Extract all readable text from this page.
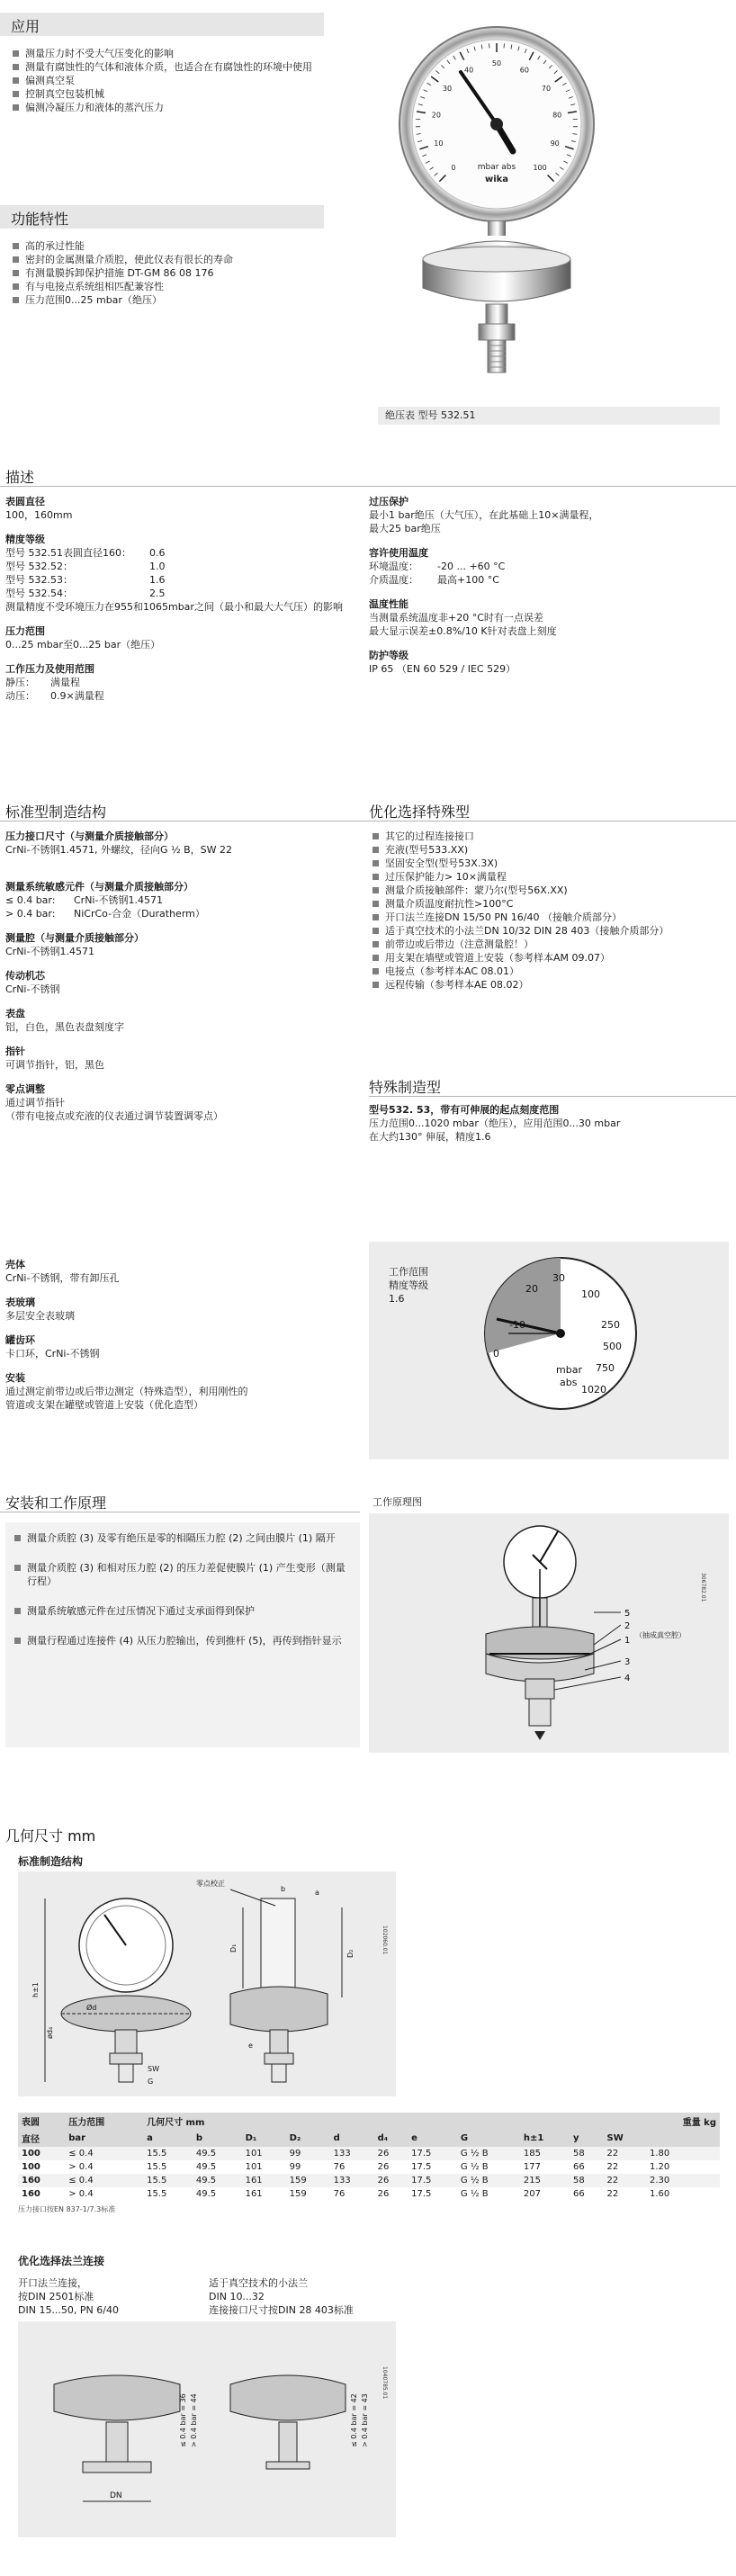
应用
测量压力时不受大气压变化的影响
测量有腐蚀性的气体和液体介质，也适合在有腐蚀性的环境中使用
偏测真空泵
控制真空包装机械
偏测冷凝压力和液体的蒸汽压力
功能特性
高的承过性能
密封的金属测量介质腔，使此仪表有很长的寿命
有测量膜拆卸保护措施 DT-GM 86 08 176
有与电接点系统组相匹配兼容性
压力范围0...25 mbar（绝压）
0
10
20
30
40
50
60
70
80
90
100
mbar abs
wika
绝压表 型号 532.51
描述
表圆直径
100，160mm
精度等级
型号 532.51表圆直径160：	0.6
型号 532.52：	1.0
型号 532.53：	1.6
型号 532.54：	2.5
测量精度不受环境压力在955和1065mbar之间（最小和最大大气压）的影响
压力范围
0...25 mbar至0...25 bar（绝压）
工作压力及使用范围
静压：	满量程
动压：	0.9×满量程
过压保护
最小1 bar绝压（大气压），在此基础上10×满量程，
最大25 bar绝压
容许使用温度
环境温度：	-20 ... +60 °C
介质温度：	最高+100 °C
温度性能
当测量系统温度非+20 °C时有一点误差
最大显示误差±0.8%/10 K针对表盘上刻度
防护等级
IP 65 （EN 60 529 / IEC 529）
标准型制造结构	优化选择特殊型
压力接口尺寸（与测量介质接触部分）
CrNi-不锈钢1.4571, 外螺纹，径向G ½ B，SW 22
测量系统敏感元件（与测量介质接触部分）
≤ 0.4 bar:	CrNi-不锈钢1.4571
> 0.4 bar:	NiCrCo-合金（Duratherm）
测量腔（与测量介质接触部分）
CrNi-不锈钢1.4571
传动机芯
CrNi-不锈钢
表盘
铝，白色，黑色表盘刻度字
指针
可调节指针，铝，黑色
零点调整
通过调节指针
（带有电接点或充液的仪表通过调节装置调零点）
壳体
CrNi-不锈钢，带有卸压孔
表玻璃
多层安全表玻璃
罐齿环
卡口环，CrNi-不锈钢
安装
通过测定前带边或后带边测定（特殊造型），利用刚性的
管道或支架在罐壁或管道上安装（优化造型）
其它的过程连接接口
充液(型号533.XX)
坚固安全型(型号53X.3X)
过压保护能力> 10×满量程
测量介质接触部件：蒙乃尔(型号56X.XX)
测量介质温度耐抗性>100°C
开口法兰连接DN 15/50 PN 16/40 （接触介质部分）
适于真空技术的小法兰DN 10/32 DIN 28 403（接触介质部分）
前带边或后带边（注意测量腔！）
用支架在墙壁或管道上安装（参考样本AM 09.07）
电接点（参考样本AC 08.01）
远程传输（参考样本AE 08.02）
特殊制造型
型号532. 53，带有可伸展的起点刻度范围
压力范围0...1020 mbar（绝压），应用范围0...30 mbar
在大约130° 伸展，精度1.6
工作范围
精度等级
1.6
-10
20
30
100
250
500
750
1020
0
mbar
abs
安装和工作原理
测量介质腔 (3) 及零有绝压是零的相隔压力腔 (2) 之间由膜片 (1) 隔开
测量介质腔 (3) 和相对压力腔 (2) 的压力差促使膜片 (1) 产生变形（测量行程）
测量系统敏感元件在过压情况下通过支承面得到保护
测量行程通过连接件 (4) 从压力腔输出，传到推杆 (5)，再传到指针显示
工作原理图
5
2
（抽成真空腔）
1
3
4
306782.01
几何尺寸 mm
标准制造结构
Ød
SW
h±1
G
零点校正
b
D₁
D₂
e
a
ød₄
102060.01
表圆	压力范围	几何尺寸 mm											重量 kg
直径	bar	a	b	D₁	D₂	d	d₄	e	G	h±1	y	SW	
100	≤ 0.4	15.5	49.5	101	99	133	26	17.5	G ½ B	185	58	22	1.80
100	> 0.4	15.5	49.5	101	99	76	26	17.5	G ½ B	177	66	22	1.20
160	≤ 0.4	15.5	49.5	161	159	133	26	17.5	G ½ B	215	58	22	2.30
160	> 0.4	15.5	49.5	161	159	76	26	17.5	G ½ B	207	66	22	1.60
压力接口按EN 837-1/7.3标准
优化选择法兰连接
开口法兰连接，
按DIN 2501标准
DIN 15...50, PN 6/40
适于真空技术的小法兰
DIN 10...32
连接接口尺寸按DIN 28 403标准
DN
≤ 0.4 bar = 36 > 0.4 bar = 44	≤ 0.4 bar = 42 > 0.4 bar = 43
1040785.01
